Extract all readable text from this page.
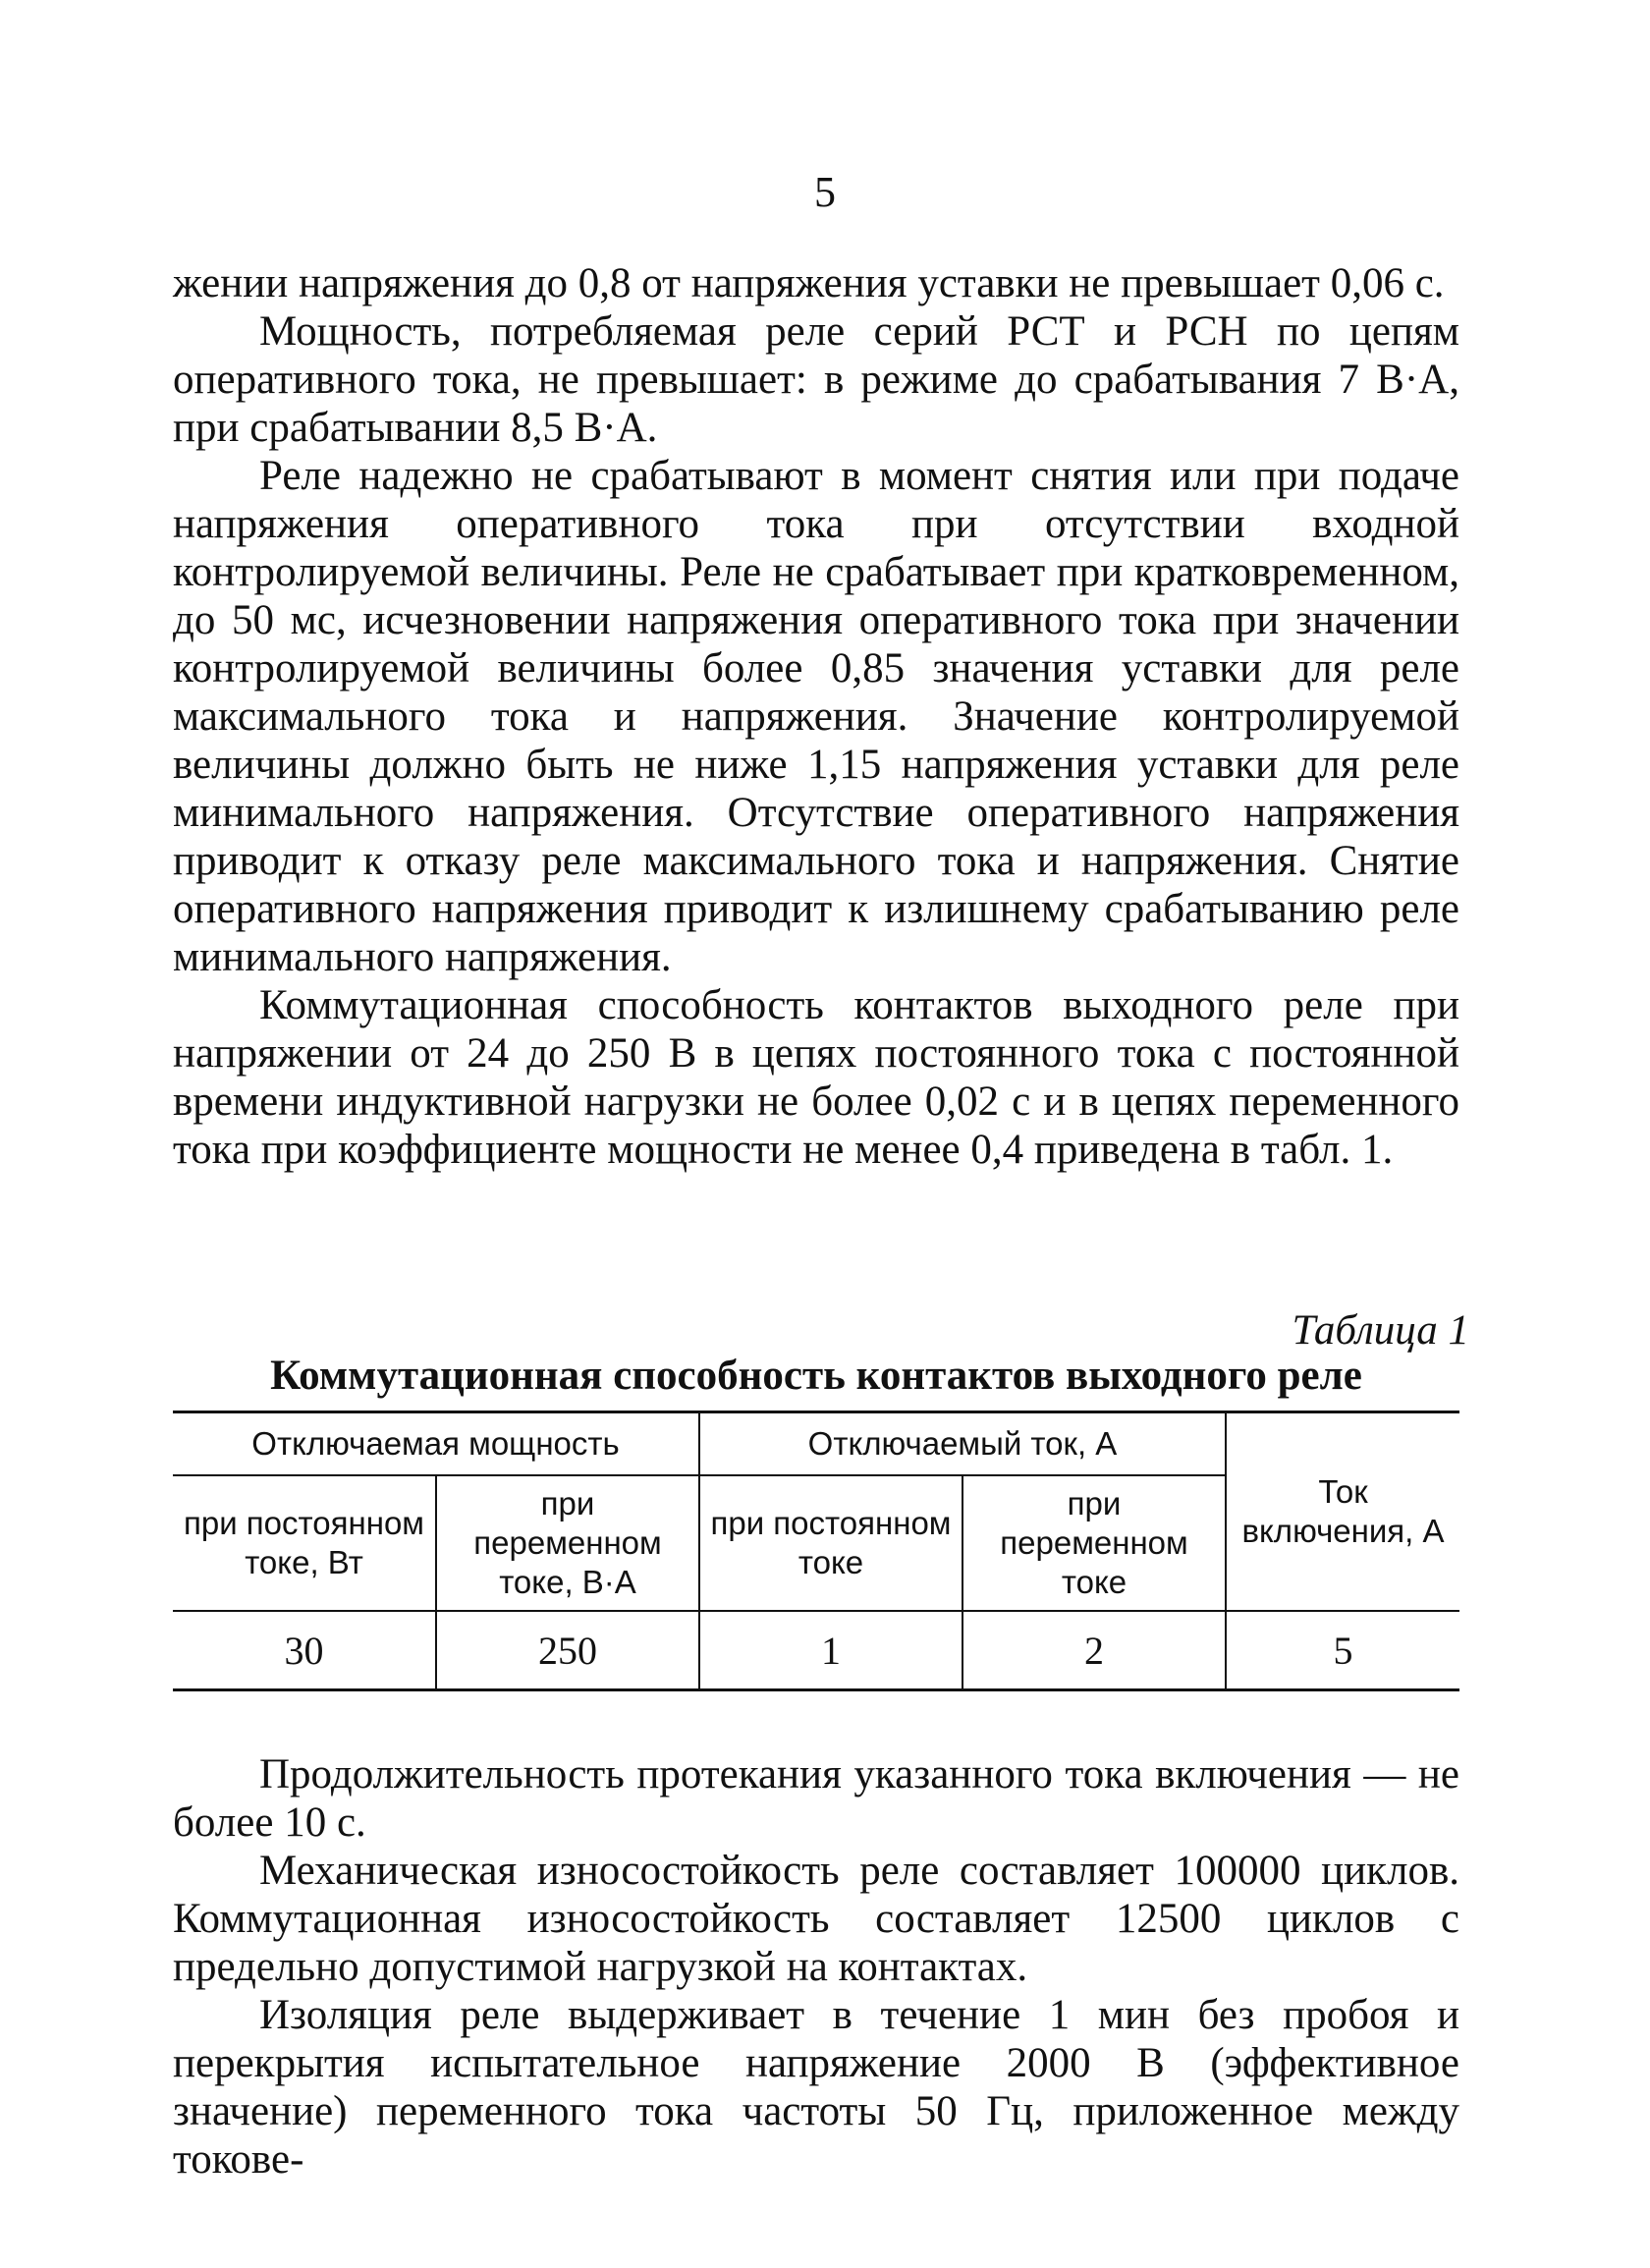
5

жении напряжения до 0,8 от напряжения уставки не превышает 0,06 с.

Мощность, потребляемая реле серий РСТ и РСН по цепям оперативного тока, не превышает: в режиме до срабатывания 7 В·А, при срабатывании 8,5 В·А.

Реле надежно не срабатывают в момент снятия или при подаче напряжения оперативного тока при отсутствии входной контролируемой величины. Реле не срабатывает при кратковременном, до 50 мс, исчезновении напряжения оперативного тока при значении контролируемой величины более 0,85 значения уставки для реле максимального тока и напряжения. Значение контролируемой величины должно быть не ниже 1,15 напряжения уставки для реле минимального напряжения. Отсутствие оперативного напряжения приводит к отказу реле максимального тока и напряжения. Снятие оперативного напряжения приводит к излишнему срабатыванию реле минимального напряжения.

Коммутационная способность контактов выходного реле при напряжении от 24 до 250 В в цепях постоянного тока с постоянной времени индуктивной нагрузки не более 0,02 с и в цепях переменного тока при коэффициенте мощности не менее 0,4 приведена в табл. 1.

Таблица 1
Коммутационная способность контактов выходного реле
Отключаемая мощность		Отключаемый ток, А		Ток включения, А
при постоянном токе, Вт	при переменном токе, В·А	при постоянном токе	при переменном токе	
30	250	1	2	5

Продолжительность протекания указанного тока включения — не более 10 с.

Механическая износостойкость реле составляет 100000 циклов. Коммутационная износостойкость составляет 12500 циклов с предельно допустимой нагрузкой на контактах.

Изоляция реле выдерживает в течение 1 мин без пробоя и перекрытия испытательное напряжение 2000 В (эффективное значение) переменного тока частоты 50 Гц, приложенное между токове-
